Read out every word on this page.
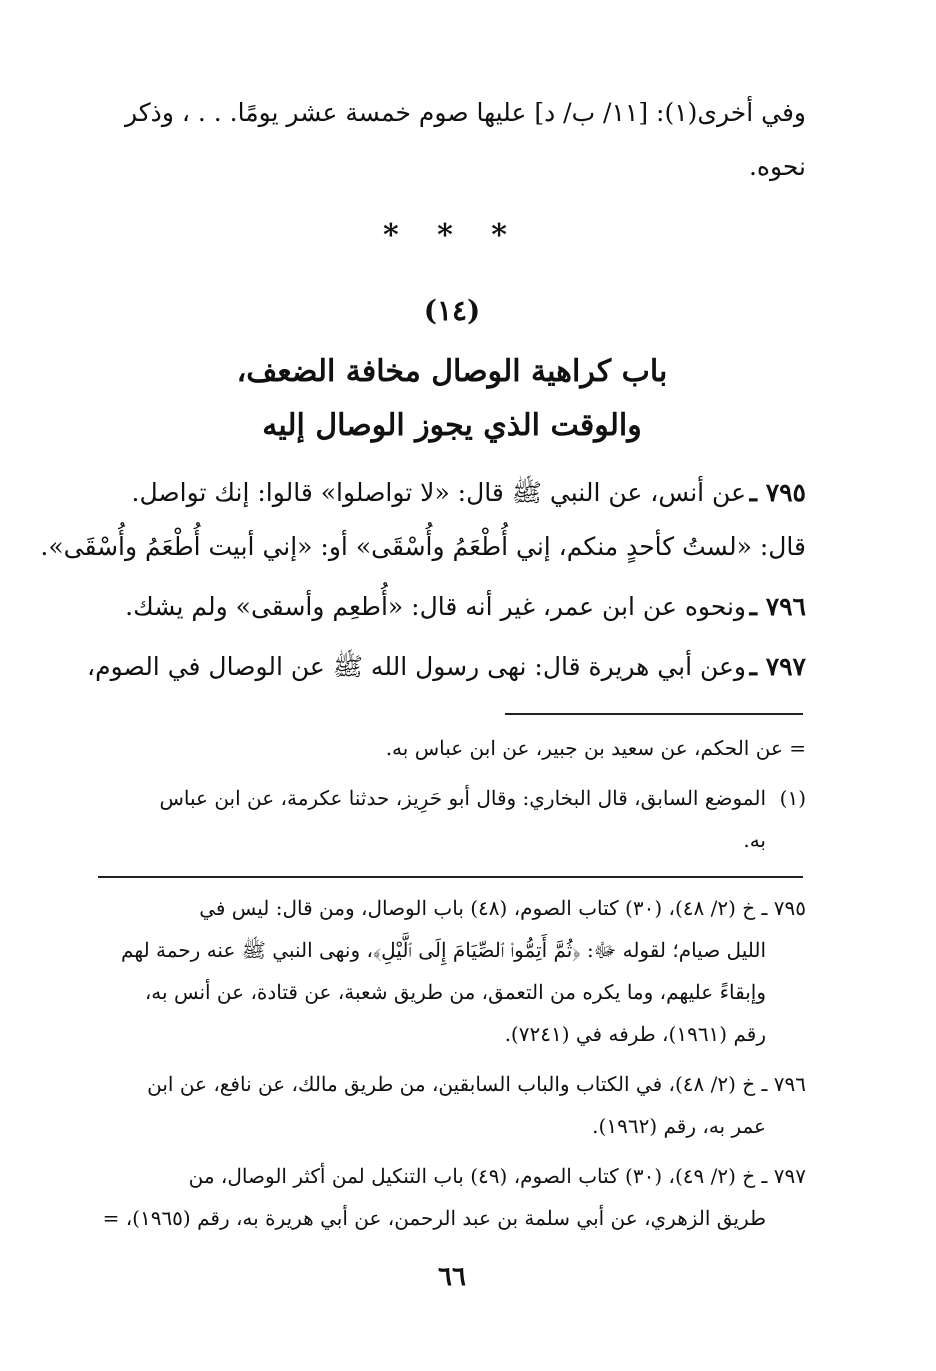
وفي أخرى(١): [١١/ ب/ د] عليها صوم خمسة عشر يومًا. . . ، وذكر
نحوه.
* * *
(١٤)
باب كراهية الوصال مخافة الضعف،
والوقت الذي يجوز الوصال إليه
عن أنس، عن النبي ﷺ قال: «لا تواصلوا» قالوا: إنك تواصل. ٧٩٥ ـ
قال: «لستُ كأحدٍ منكم، إني أُطْعَمُ وأُسْقَى» أو: «إني أبيت أُطْعَمُ وأُسْقَى».
ونحوه عن ابن عمر، غير أنه قال: «أُطعِم وأسقى» ولم يشك. ٧٩٦ ـ
وعن أبي هريرة قال: نهى رسول الله ﷺ عن الوصال في الصوم، ٧٩٧ ـ
= عن الحكم، عن سعيد بن جبير، عن ابن عباس به.
(١)
الموضع السابق، قال البخاري: وقال أبو حَرِيز، حدثنا عكرمة، عن ابن عباس
به.
٧٩٥ ـ خ (٢/ ٤٨)، (٣٠) كتاب الصوم، (٤٨) باب الوصال، ومن قال: ليس في
الليل صيام؛ لقوله ﷻ: ﴿ثُمَّ أَتِمُّوا۟ ٱلصِّيَامَ إِلَى ٱلَّيْلِ﴾، ونهى النبي ﷺ عنه رحمة لهم
وإبقاءً عليهم، وما يكره من التعمق، من طريق شعبة، عن قتادة، عن أنس به،
رقم (١٩٦١)، طرفه في (٧٢٤١).
٧٩٦ ـ خ (٢/ ٤٨)، في الكتاب والباب السابقين، من طريق مالك، عن نافع، عن ابن
عمر به، رقم (١٩٦٢).
٧٩٧ ـ خ (٢/ ٤٩)، (٣٠) كتاب الصوم، (٤٩) باب التنكيل لمن أكثر الوصال، من
طريق الزهري، عن أبي سلمة بن عبد الرحمن، عن أبي هريرة به، رقم (١٩٦٥)، =
٦٦
